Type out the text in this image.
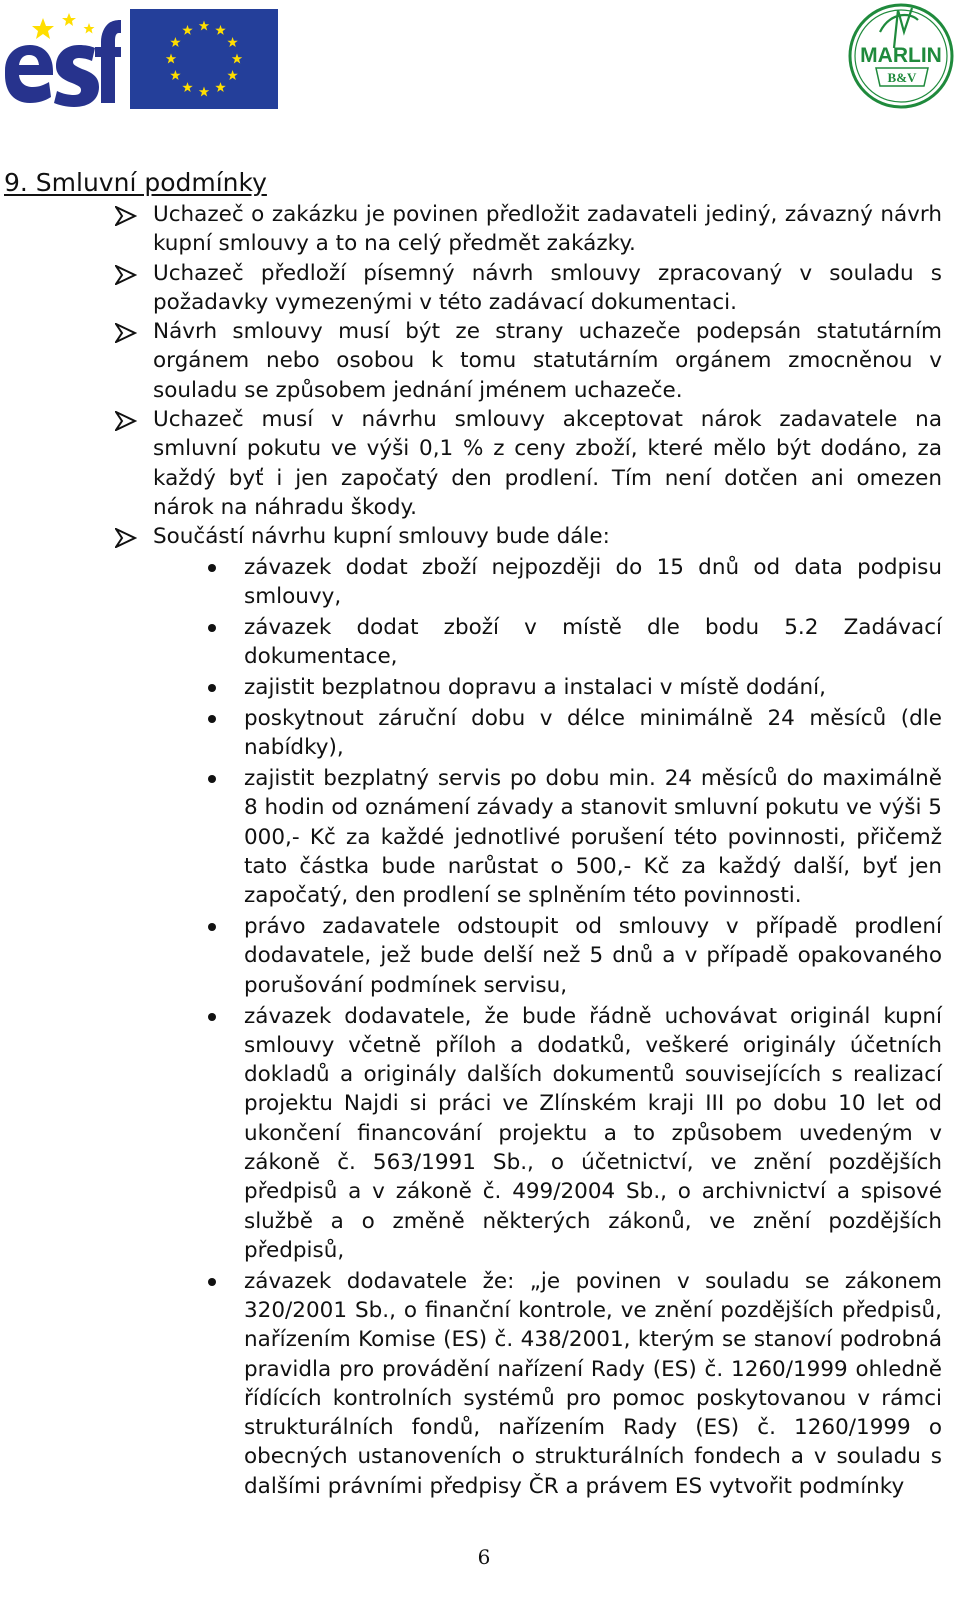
MARLIN
B&V
9. Smluvní podmínky

Uchazeč o zakázku je povinen předložit zadavateli jediný, závazný návrh kupní smlouvy a to na celý předmět zakázky.

Uchazeč předloží písemný návrh smlouvy zpracovaný v souladu s požadavky vymezenými v této zadávací dokumentaci.

Návrh smlouvy musí být ze strany uchazeče podepsán statutárním orgánem nebo osobou k tomu statutárním orgánem zmocněnou v souladu se způsobem jednání jménem uchazeče.

Uchazeč musí v návrhu smlouvy akceptovat nárok zadavatele na smluvní pokutu ve výši 0,1 % z ceny zboží, které mělo být dodáno, za každý byť i jen započatý den prodlení. Tím není dotčen ani omezen nárok na náhradu škody.

Součástí návrhu kupní smlouvy bude dále:

závazek dodat zboží nejpozději do 15 dnů od data podpisu smlouvy,

závazek dodat zboží v místě dle bodu 5.2 Zadávací dokumentace,

zajistit bezplatnou dopravu a instalaci v místě dodání,

poskytnout záruční dobu v délce minimálně 24 měsíců (dle nabídky),

zajistit bezplatný servis po dobu min. 24 měsíců do maximálně 8 hodin od oznámení závady a stanovit smluvní pokutu ve výši 5 000,- Kč za každé jednotlivé porušení této povinnosti, přičemž tato částka bude narůstat o 500,- Kč za každý další, byť jen započatý, den prodlení se splněním této povinnosti.

právo zadavatele odstoupit od smlouvy v případě prodlení dodavatele, jež bude delší než 5 dnů a v případě opakovaného porušování podmínek servisu,

závazek dodavatele, že bude řádně uchovávat originál kupní smlouvy včetně příloh a dodatků, veškeré originály účetních dokladů a originály dalších dokumentů souvisejících s realizací projektu Najdi si práci ve Zlínském kraji III po dobu 10 let od ukončení financování projektu a to způsobem uvedeným v zákoně č. 563/1991 Sb., o účetnictví, ve znění pozdějších předpisů a v zákoně č. 499/2004 Sb., o archivnictví a spisové službě a o změně některých zákonů, ve znění pozdějších předpisů,

závazek dodavatele že: „je povinen v souladu se zákonem 320/2001 Sb., o finanční kontrole, ve znění pozdějších předpisů, nařízením Komise (ES) č. 438/2001, kterým se stanoví podrobná pravidla pro provádění nařízení Rady (ES) č. 1260/1999 ohledně řídících kontrolních systémů pro pomoc poskytovanou v rámci strukturálních fondů, nařízením Rady (ES) č. 1260/1999 o obecných ustanoveních o strukturálních fondech a v souladu s dalšími právními předpisy ČR a právem ES vytvořit podmínky

6
